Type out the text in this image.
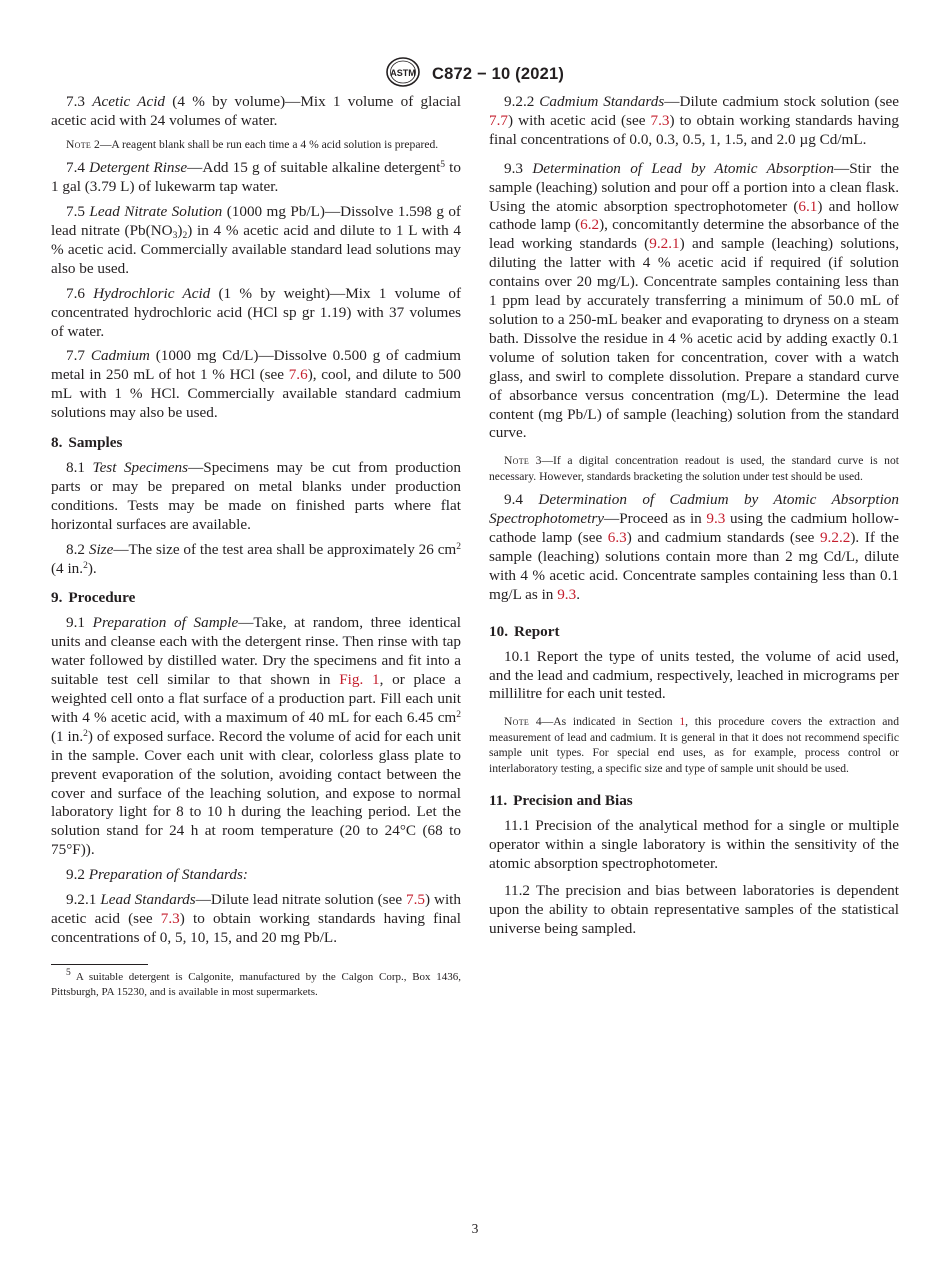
ASTM C872 − 10 (2021)

7.3 Acetic Acid (4 % by volume)—Mix 1 volume of glacial acetic acid with 24 volumes of water.

Note 2—A reagent blank shall be run each time a 4 % acid solution is prepared.

7.4 Detergent Rinse—Add 15 g of suitable alkaline detergent$^5$ to 1 gal (3.79 L) of lukewarm tap water.

7.5 Lead Nitrate Solution (1000 mg Pb/L)—Dissolve 1.598 g of lead nitrate $(Pb(NO_3)_2)$ in 4 % acetic acid and dilute to 1 L with 4 % acetic acid. Commercially available standard lead solutions may also be used.

7.6 Hydrochloric Acid (1 % by weight)—Mix 1 volume of concentrated hydrochloric acid (HCl sp gr 1.19) with 37 volumes of water.

7.7 Cadmium (1000 mg Cd/L)—Dissolve 0.500 g of cadmium metal in 250 mL of hot 1 % HCl (see 7.6), cool, and dilute to 500 mL with 1 % HCl. Commercially available standard cadmium solutions may also be used.

8. Samples

8.1 Test Specimens—Specimens may be cut from production parts or may be prepared on metal blanks under production conditions. Tests may be made on finished parts where flat horizontal surfaces are available.

8.2 Size—The size of the test area shall be approximately 26 $cm^2$ (4 in.$^2$).

9. Procedure

9.1 Preparation of Sample—Take, at random, three identical units and cleanse each with the detergent rinse. Then rinse with tap water followed by distilled water. Dry the specimens and fit into a suitable test cell similar to that shown in Fig. 1, or place a weighted cell onto a flat surface of a production part. Fill each unit with 4 % acetic acid, with a maximum of 40 mL for each 6.45 $cm^2$ (1 in.$^2$) of exposed surface. Record the volume of acid for each unit in the sample. Cover each unit with clear, colorless glass plate to prevent evaporation of the solution, avoiding contact between the cover and surface of the leaching solution, and expose to normal laboratory light for 8 to 10 h during the leaching period. Let the solution stand for 24 h at room temperature (20 to 24°C (68 to 75°F)).

9.2 Preparation of Standards:

9.2.1 Lead Standards—Dilute lead nitrate solution (see 7.5) with acetic acid (see 7.3) to obtain working standards having final concentrations of 0, 5, 10, 15, and 20 mg Pb/L.

$^5$ A suitable detergent is Calgonite, manufactured by the Calgon Corp., Box 1436, Pittsburgh, PA 15230, and is available in most supermarkets.

9.2.2 Cadmium Standards—Dilute cadmium stock solution (see 7.7) with acetic acid (see 7.3) to obtain working standards having final concentrations of 0.0, 0.3, 0.5, 1, 1.5, and 2.0 µg Cd/mL.

9.3 Determination of Lead by Atomic Absorption—Stir the sample (leaching) solution and pour off a portion into a clean flask. Using the atomic absorption spectrophotometer (6.1) and hollow cathode lamp (6.2), concomitantly determine the absorbance of the lead working standards (9.2.1) and sample (leaching) solutions, diluting the latter with 4 % acetic acid if required (if solution contains over 20 mg/L). Concentrate samples containing less than 1 ppm lead by accurately transferring a minimum of 50.0 mL of solution to a 250-mL beaker and evaporating to dryness on a steam bath. Dissolve the residue in 4 % acetic acid by adding exactly 0.1 volume of solution taken for concentration, cover with a watch glass, and swirl to complete dissolution. Prepare a standard curve of absorbance versus concentration (mg/L). Determine the lead content (mg Pb/L) of sample (leaching) solution from the standard curve.

Note 3—If a digital concentration readout is used, the standard curve is not necessary. However, standards bracketing the solution under test should be used.

9.4 Determination of Cadmium by Atomic Absorption Spectrophotometry—Proceed as in 9.3 using the cadmium hollow-cathode lamp (see 6.3) and cadmium standards (see 9.2.2). If the sample (leaching) solutions contain more than 2 mg Cd/L, dilute with 4 % acetic acid. Concentrate samples containing less than 0.1 mg/L as in 9.3.

10. Report

10.1 Report the type of units tested, the volume of acid used, and the lead and cadmium, respectively, leached in micrograms per millilitre for each unit tested.

Note 4—As indicated in Section 1, this procedure covers the extraction and measurement of lead and cadmium. It is general in that it does not recommend specific sample unit types. For special end uses, as for example, process control or interlaboratory testing, a specific size and type of sample unit should be used.

11. Precision and Bias

11.1 Precision of the analytical method for a single or multiple operator within a single laboratory is within the sensitivity of the atomic absorption spectrophotometer.

11.2 The precision and bias between laboratories is dependent upon the ability to obtain representative samples of the statistical universe being sampled.

3
